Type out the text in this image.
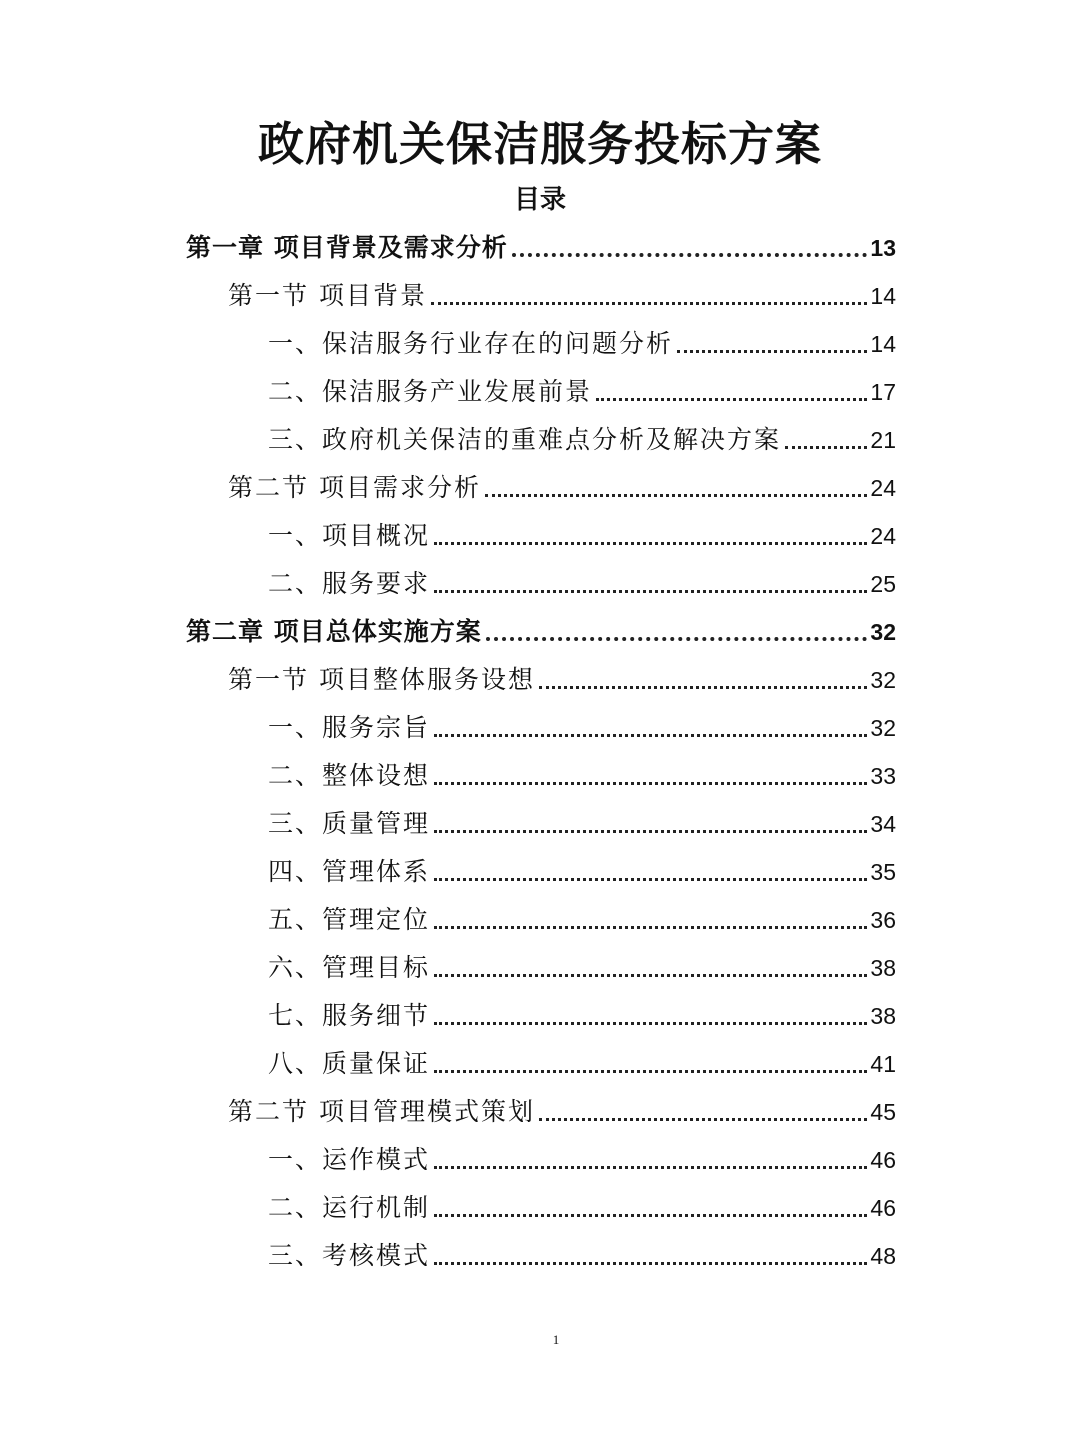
政府机关保洁服务投标方案
目录
第一章 项目背景及需求分析	13
第一节 项目背景	14
一、保洁服务行业存在的问题分析	14
二、保洁服务产业发展前景	17
三、政府机关保洁的重难点分析及解决方案	21
第二节 项目需求分析	24
一、项目概况	24
二、服务要求	25
第二章 项目总体实施方案	32
第一节 项目整体服务设想	32
一、服务宗旨	32
二、整体设想	33
三、质量管理	34
四、管理体系	35
五、管理定位	36
六、管理目标	38
七、服务细节	38
八、质量保证	41
第二节 项目管理模式策划	45
一、运作模式	46
二、运行机制	46
三、考核模式	48
1
